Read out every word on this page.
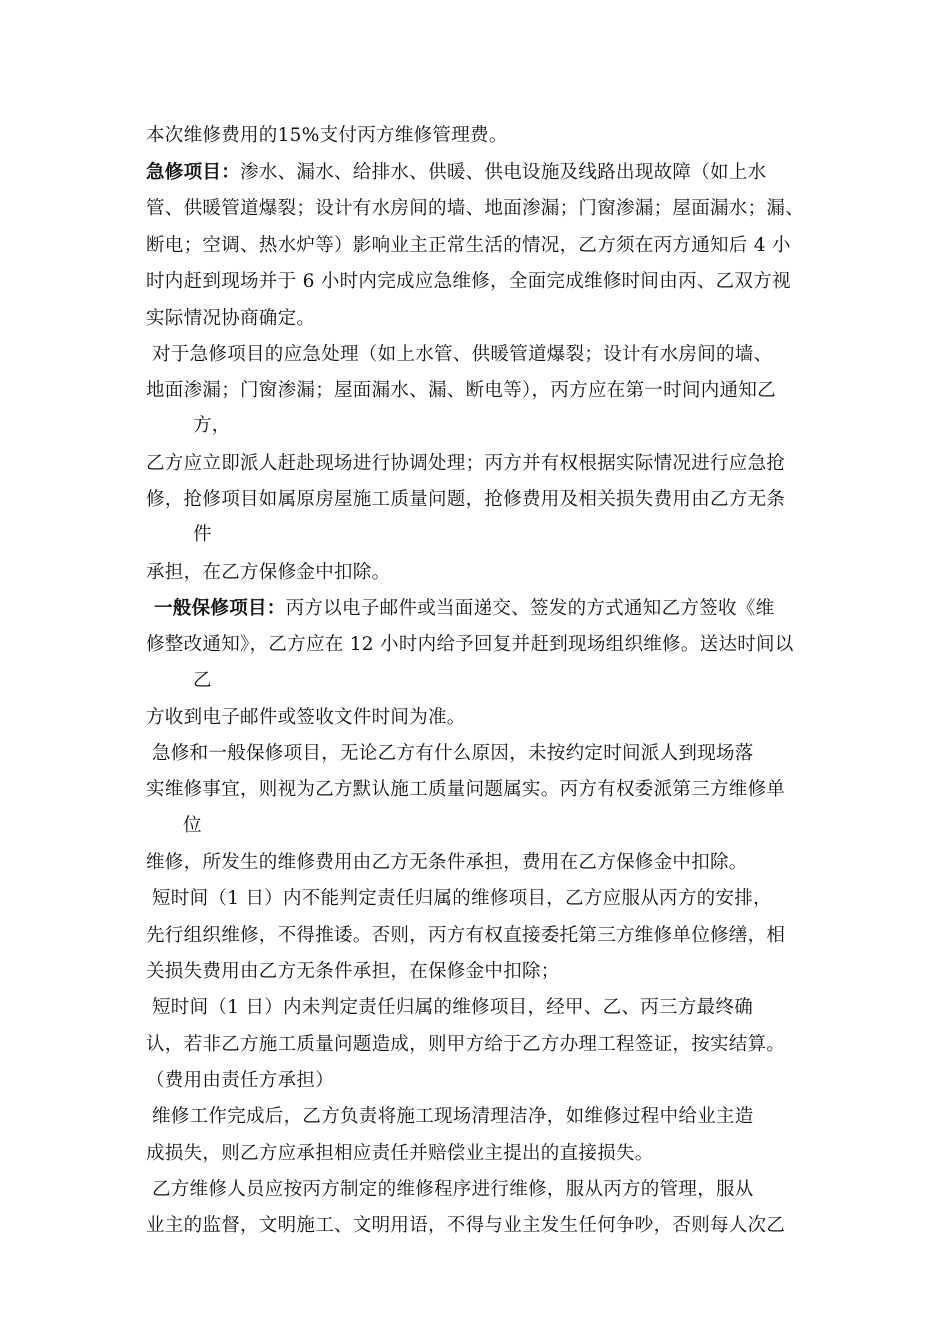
本次维修费用的15%支付丙方维修管理费。
急修项目：渗水、漏水、给排水、供暖、供电设施及线路出现故障（如上水
管、供暖管道爆裂；设计有水房间的墙、地面渗漏；门窗渗漏；屋面漏水；漏、
断电；空调、热水炉等）影响业主正常生活的情况，乙方须在丙方通知后 4 小
时内赶到现场并于 6 小时内完成应急维修，全面完成维修时间由丙、乙双方视
实际情况协商确定。
对于急修项目的应急处理（如上水管、供暖管道爆裂；设计有水房间的墙、
地面渗漏；门窗渗漏；屋面漏水、漏、断电等），丙方应在第一时间内通知乙
方，
乙方应立即派人赶赴现场进行协调处理；丙方并有权根据实际情况进行应急抢
修，抢修项目如属原房屋施工质量问题，抢修费用及相关损失费用由乙方无条
件
承担，在乙方保修金中扣除。
一般保修项目：丙方以电子邮件或当面递交、签发的方式通知乙方签收《维
修整改通知》，乙方应在 12 小时内给予回复并赶到现场组织维修。送达时间以
乙
方收到电子邮件或签收文件时间为准。
急修和一般保修项目，无论乙方有什么原因，未按约定时间派人到现场落
实维修事宜，则视为乙方默认施工质量问题属实。丙方有权委派第三方维修单
位
维修，所发生的维修费用由乙方无条件承担，费用在乙方保修金中扣除。
短时间（1 日）内不能判定责任归属的维修项目，乙方应服从丙方的安排，
先行组织维修，不得推诿。否则，丙方有权直接委托第三方维修单位修缮，相
关损失费用由乙方无条件承担，在保修金中扣除；
短时间（1 日）内未判定责任归属的维修项目，经甲、乙、丙三方最终确
认，若非乙方施工质量问题造成，则甲方给于乙方办理工程签证，按实结算。
（费用由责任方承担）
维修工作完成后，乙方负责将施工现场清理洁净，如维修过程中给业主造
成损失，则乙方应承担相应责任并赔偿业主提出的直接损失。
乙方维修人员应按丙方制定的维修程序进行维修，服从丙方的管理，服从
业主的监督，文明施工、文明用语，不得与业主发生任何争吵，否则每人次乙
